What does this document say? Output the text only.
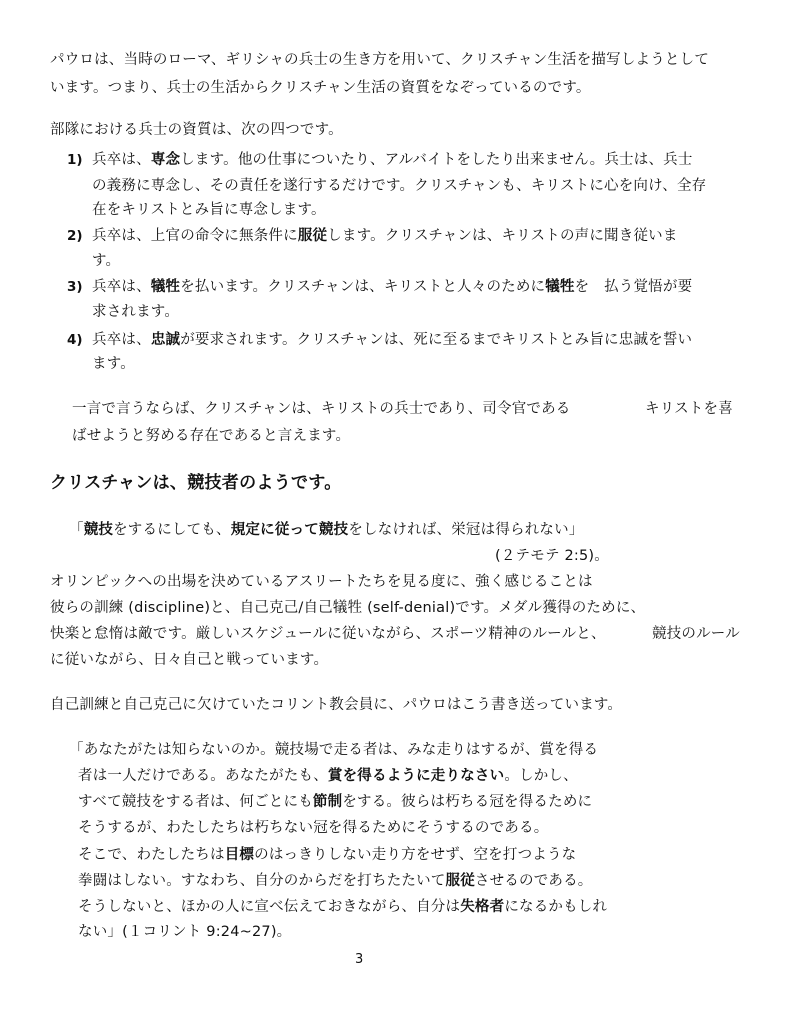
パウロは、当時のローマ、ギリシャの兵士の生き方を用いて、クリスチャン生活を描写しようとして
います。つまり、兵士の生活からクリスチャン生活の資質をなぞっているのです。
部隊における兵士の資質は、次の四つです。
1) 兵卒は、専念します。他の仕事についたり、アルバイトをしたり出来ません。兵士は、兵士
の義務に専念し、その責任を遂行するだけです。クリスチャンも、キリストに心を向け、全存
在をキリストとみ旨に専念します。
2) 兵卒は、上官の命令に無条件に服従します。クリスチャンは、キリストの声に聞き従いま
す。
3) 兵卒は、犠牲を払います。クリスチャンは、キリストと人々のために犠牲を　払う覚悟が要
求されます。
4) 兵卒は、忠誠が要求されます。クリスチャンは、死に至るまでキリストとみ旨に忠誠を誓い
ます。
一言で言うならば、クリスチャンは、キリストの兵士であり、司令官である	キリストを喜
ばせようと努める存在であると言えます。
クリスチャンは、競技者のようです。
「競技をするにしても、規定に従って競技をしなければ、栄冠は得られない」
(２テモテ 2:5)。
オリンピックへの出場を決めているアスリートたちを見る度に、強く感じることは
彼らの訓練 (discipline)と、自己克己/自己犠牲 (self-denial)です。メダル獲得のために、
快楽と怠惰は敵です。厳しいスケジュールに従いながら、スポーツ精神のルールと、	競技のルール
に従いながら、日々自己と戦っています。
自己訓練と自己克己に欠けていたコリント教会員に、パウロはこう書き送っています。
「あなたがたは知らないのか。競技場で走る者は、みな走りはするが、賞を得る
者は一人だけである。あなたがたも、賞を得るように走りなさい。しかし、
すべて競技をする者は、何ごとにも節制をする。彼らは朽ちる冠を得るために
そうするが、わたしたちは朽ちない冠を得るためにそうするのである。
そこで、わたしたちは目標のはっきりしない走り方をせず、空を打つような
拳闘はしない。すなわち、自分のからだを打ちたたいて服従させるのである。
そうしないと、ほかの人に宣べ伝えておきながら、自分は失格者になるかもしれ
ない」(１コリント 9:24~27)。
3
